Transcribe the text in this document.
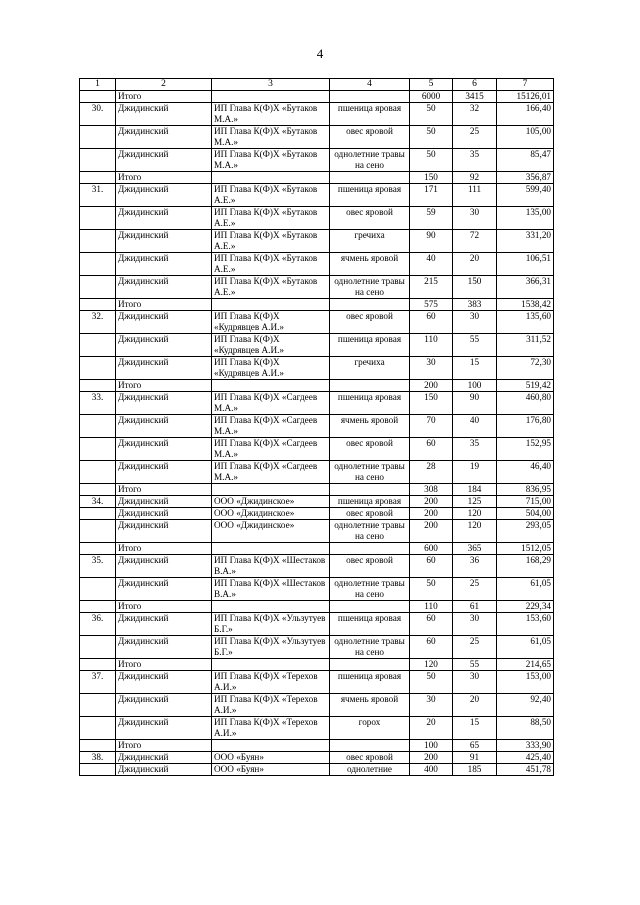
4
1	2	3	4	5	6	7
	Итого			6000	3415	15126,01
30.	Джидинский	ИП Глава К(Ф)Х «Бутаков М.А.»	пшеница яровая	50	32	166,40
	Джидинский	ИП Глава К(Ф)Х «Бутаков М.А.»	овес яровой	50	25	105,00
	Джидинский	ИП Глава К(Ф)Х «Бутаков М.А.»	однолетние травы на сено	50	35	85,47
	Итого			150	92	356,87
31.	Джидинский	ИП Глава К(Ф)Х «Бутаков А.Е.»	пшеница яровая	171	111	599,40
	Джидинский	ИП Глава К(Ф)Х «Бутаков А.Е.»	овес яровой	59	30	135,00
	Джидинский	ИП Глава К(Ф)Х «Бутаков А.Е.»	гречиха	90	72	331,20
	Джидинский	ИП Глава К(Ф)Х «Бутаков А.Е.»	ячмень яровой	40	20	106,51
	Джидинский	ИП Глава К(Ф)Х «Бутаков А.Е.»	однолетние травы на сено	215	150	366,31
	Итого			575	383	1538,42
32.	Джидинский	ИП Глава К(Ф)Х «Кудрявцев А.И.»	овес яровой	60	30	135,60
	Джидинский	ИП Глава К(Ф)Х «Кудрявцев А.И.»	пшеница яровая	110	55	311,52
	Джидинский	ИП Глава К(Ф)Х «Кудрявцев А.И.»	гречиха	30	15	72,30
	Итого			200	100	519,42
33.	Джидинский	ИП Глава К(Ф)Х «Сагдеев М.А.»	пшеница яровая	150	90	460,80
	Джидинский	ИП Глава К(Ф)Х «Сагдеев М.А.»	ячмень яровой	70	40	176,80
	Джидинский	ИП Глава К(Ф)Х «Сагдеев М.А.»	овес яровой	60	35	152,95
	Джидинский	ИП Глава К(Ф)Х «Сагдеев М.А.»	однолетние травы на сено	28	19	46,40
	Итого			308	184	836,95
34.	Джидинский	ООО «Джидинское»	пшеница яровая	200	125	715,00
	Джидинский	ООО «Джидинское»	овес яровой	200	120	504,00
	Джидинский	ООО «Джидинское»	однолетние травы на сено	200	120	293,05
	Итого			600	365	1512,05
35.	Джидинский	ИП Глава К(Ф)Х «Шестаков В.А.»	овес яровой	60	36	168,29
	Джидинский	ИП Глава К(Ф)Х «Шестаков В.А.»	однолетние травы на сено	50	25	61,05
	Итого			110	61	229,34
36.	Джидинский	ИП Глава К(Ф)Х «Ульзутуев Б.Г.»	пшеница яровая	60	30	153,60
	Джидинский	ИП Глава К(Ф)Х «Ульзутуев Б.Г.»	однолетние травы на сено	60	25	61,05
	Итого			120	55	214,65
37.	Джидинский	ИП Глава К(Ф)Х «Терехов А.И.»	пшеница яровая	50	30	153,00
	Джидинский	ИП Глава К(Ф)Х «Терехов А.И.»	ячмень яровой	30	20	92,40
	Джидинский	ИП Глава К(Ф)Х «Терехов А.И.»	горох	20	15	88,50
	Итого			100	65	333,90
38.	Джидинский	ООО «Буян»	овес яровой	200	91	425,40
	Джидинский	ООО «Буян»	однолетние	400	185	451,78
